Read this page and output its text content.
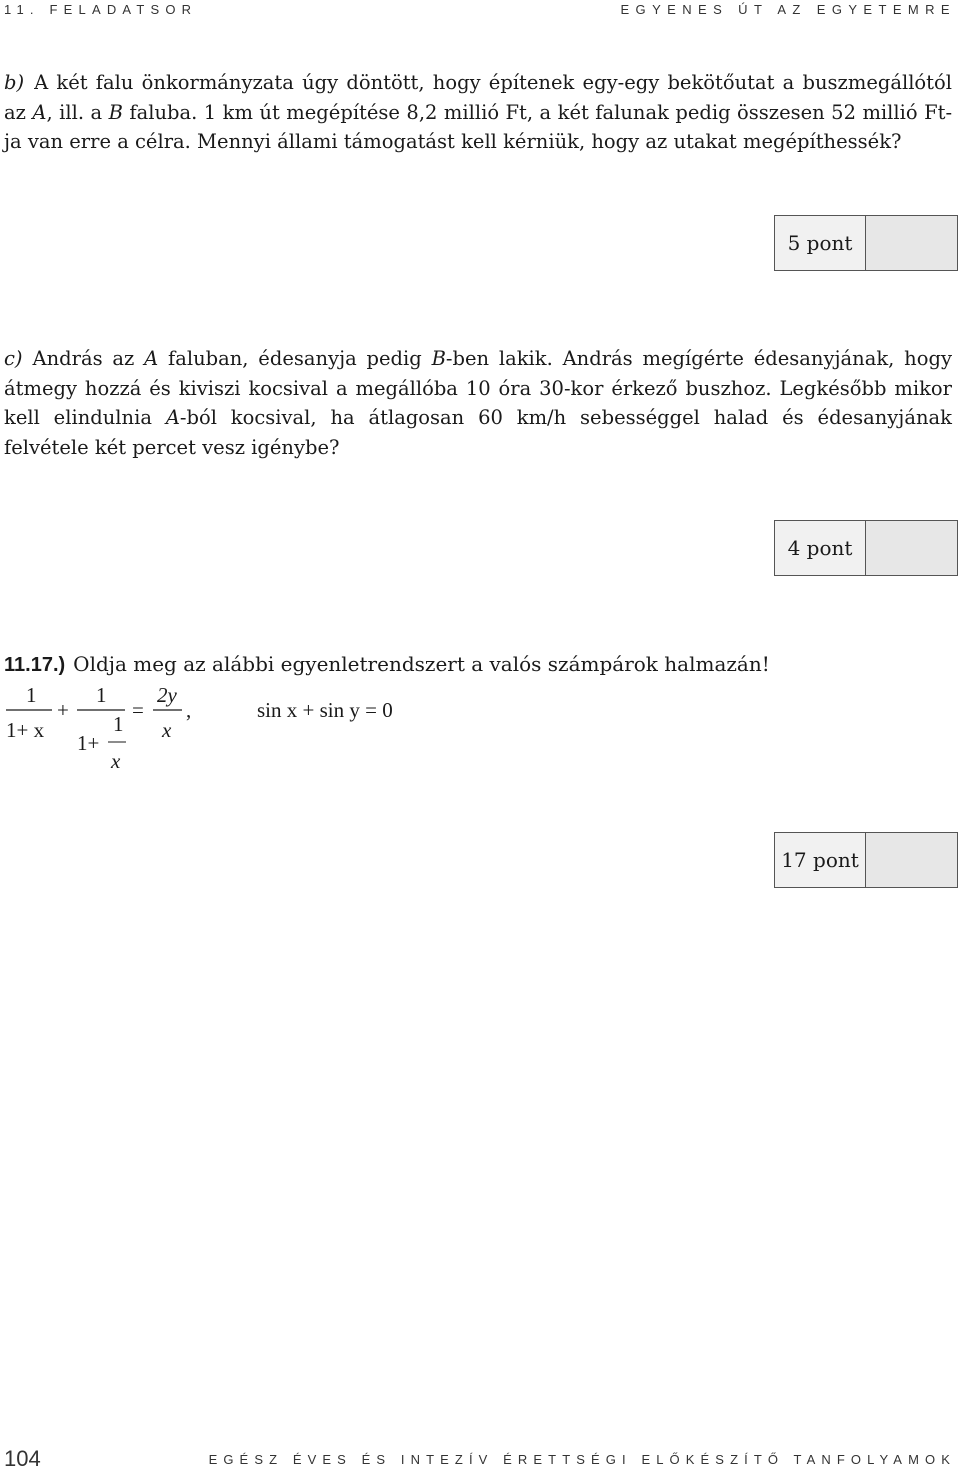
11. FELADATSOR	EGYENES ÚT AZ EGYETEMRE
b) A két falu önkormányzata úgy döntött, hogy építenek egy-egy bekötőutat a buszmegállótól az A, ill. a B faluba. 1 km út megépítése 8,2 millió Ft, a két falunak pedig összesen 52 millió Ft-ja van erre a célra. Mennyi állami támogatást kell kérniük, hogy az utakat megépíthessék?
5 pont
c) András az A faluban, édesanyja pedig B-ben lakik. András megígérte édesanyjának, hogy átmegy hozzá és kiviszi kocsival a megállóba 10 óra 30-kor érkező buszhoz. Legkésőbb mikor kell elindulnia A-ból kocsival, ha átlagosan 60 km/h sebességgel halad és édesanyjának felvétele két percet vesz igénybe?
4 pont
11.17.) Oldja meg az alábbi egyenletrendszert a valós számpárok halmazán!
1
1+ x
+
1
1
1+
x
=
2y
x
,	sin x + sin y = 0
17 pont
104	EGÉSZ ÉVES ÉS INTEZÍV ÉRETTSÉGI ELŐKÉSZÍTŐ TANFOLYAMOK
